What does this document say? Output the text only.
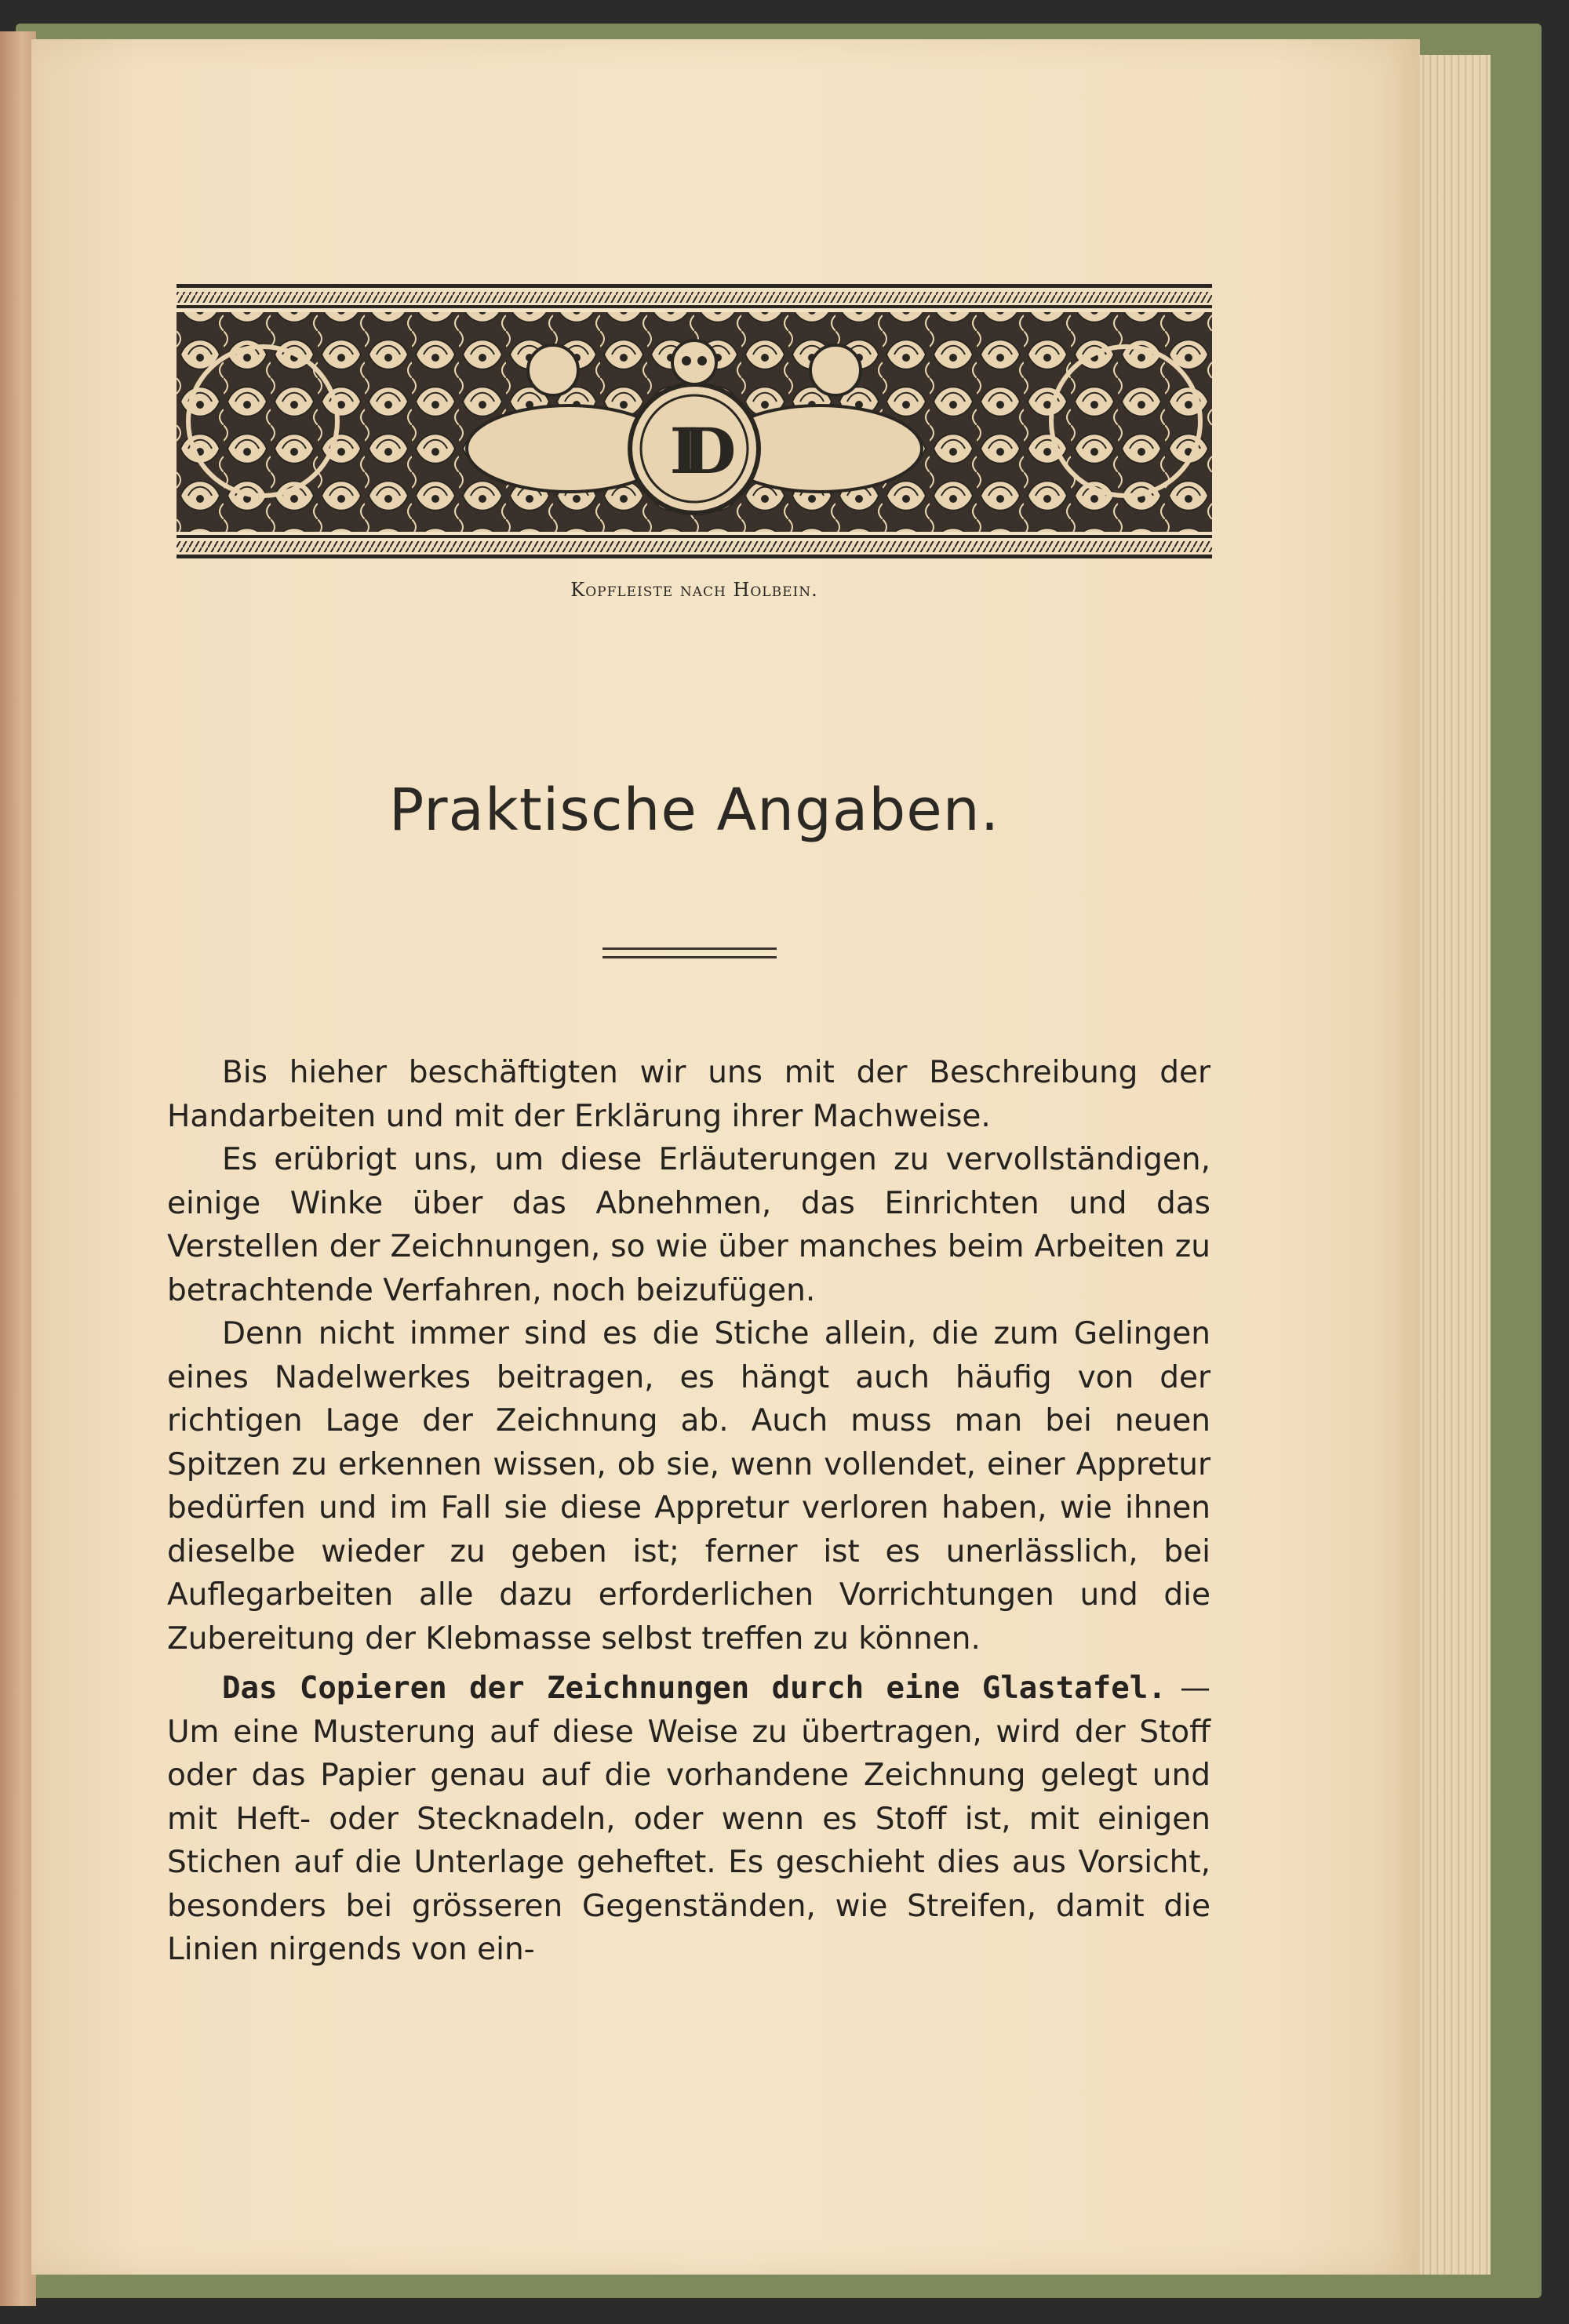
ID
Kopfleiste nach Holbein.
Praktische Angaben.

Bis hieher beschäftigten wir uns mit der Beschreibung der Handarbeiten und mit der Erklärung ihrer Machweise.

Es erübrigt uns, um diese Erläuterungen zu vervollständigen, einige Winke über das Abnehmen, das Einrichten und das Verstellen der Zeichnungen, so wie über manches beim Arbeiten zu betrachtende Verfahren, noch beizufügen.

Denn nicht immer sind es die Stiche allein, die zum Gelingen eines Nadelwerkes beitragen, es hängt auch häufig von der richtigen Lage der Zeichnung ab. Auch muss man bei neuen Spitzen zu erkennen wissen, ob sie, wenn vollendet, einer Appretur bedürfen und im Fall sie diese Appretur verloren haben, wie ihnen dieselbe wieder zu geben ist; ferner ist es unerlässlich, bei Auflegarbeiten alle dazu erforderlichen Vorrichtungen und die Zubereitung der Klebmasse selbst treffen zu können.

Das Copieren der Zeichnungen durch eine Glastafel. — Um eine Musterung auf diese Weise zu übertragen, wird der Stoff oder das Papier genau auf die vorhandene Zeichnung gelegt und mit Heft- oder Stecknadeln, oder wenn es Stoff ist, mit einigen Stichen auf die Unterlage geheftet. Es geschieht dies aus Vorsicht, besonders bei grösseren Gegenständen, wie Streifen, damit die Linien nirgends von ein-
